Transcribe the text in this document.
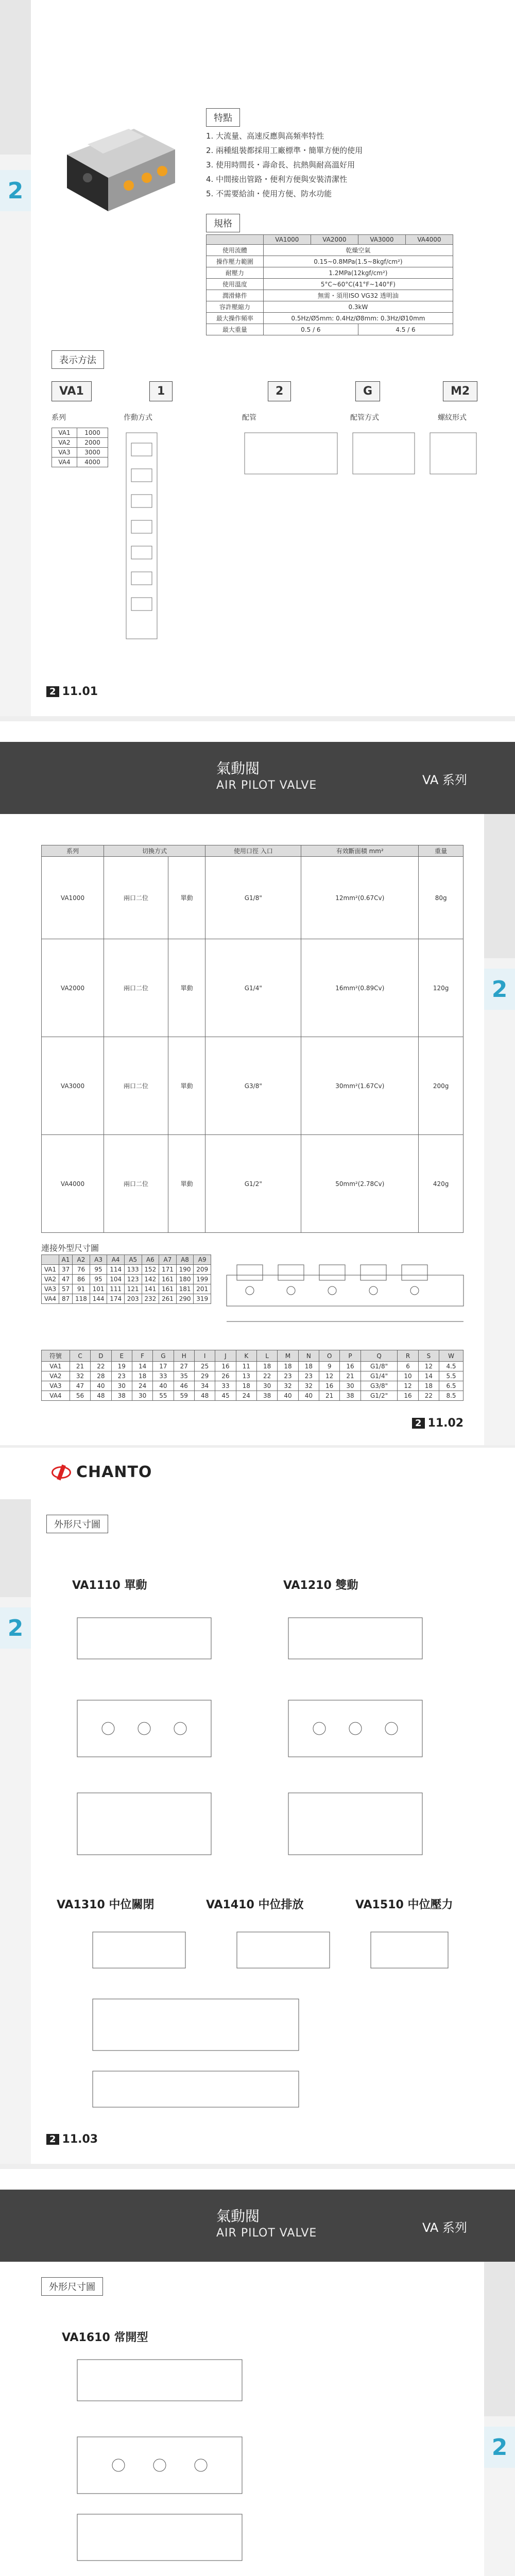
2
特點
1. 大流量、高速反應與高頻率特性
2. 兩種組裝都採用工廠標準・簡單方便的使用
3. 使用時間長・壽命長、抗熱與耐高溫好用
4. 中間接出管路・便利方便與安裝清潔性
5. 不需要給油・使用方便、防水功能
規格
	VA1000	VA2000	VA3000	VA4000
使用流體	乾燥空氣			
操作壓力範圍	0.15~0.8MPa(1.5~8kgf/cm²)			
耐壓力	1.2MPa(12kgf/cm²)			
使用溫度	5°C~60°C(41°F~140°F)			
潤滑條件	無需・須用ISO VG32 透明油			
容許壓縮力	0.3kW			
最大操作頻率	0.5Hz/Ø5mm: 0.4Hz/Ø8mm: 0.3Hz/Ø10mm			
最大重量	0.5 / 6		4.5 / 6	
表示方法
VA1	1	2	G	M2
系列	作動方式	配管	配管方式	螺紋形式
VA1	1000
VA2	2000
VA3	3000
VA4	4000
2 11.01
氣動閥
AIR PILOT VALVE	VA 系列
2
系列	切換方式		使用口徑 入口	有效斷面積 mm²	重量
VA1000	兩口二位	單動	G1/8"	12mm²(0.67Cv)	80g
VA2000	兩口二位	單動	G1/4"	16mm²(0.89Cv)	120g
VA3000	兩口二位	單動	G3/8"	30mm²(1.67Cv)	200g
VA4000	兩口二位	單動	G1/2"	50mm²(2.78Cv)	420g
連接外型尺寸圖
	A1	A2	A3	A4	A5	A6	A7	A8	A9
VA1	37	76	95	114	133	152	171	190	209
VA2	47	86	95	104	123	142	161	180	199
VA3	57	91	101	111	121	141	161	181	201
VA4	87	118	144	174	203	232	261	290	319
符號	C	D	E	F	G	H	I	J	K	L	M	N	O	P	Q	R	S	W
VA1	21	22	19	14	17	27	25	16	11	18	18	18	9	16	G1/8"	6	12	4.5
VA2	32	28	23	18	33	35	29	26	13	22	23	23	12	21	G1/4"	10	14	5.5
VA3	47	40	30	24	40	46	34	33	18	30	32	32	16	30	G3/8"	12	18	6.5
VA4	56	48	38	30	55	59	48	45	24	38	40	40	21	38	G1/2"	16	22	8.5
2 11.02
CHANTO
2
外形尺寸圖
VA1110 單動	VA1210 雙動
VA1310 中位關閉	VA1410 中位排放	VA1510 中位壓力
2 11.03
氣動閥
AIR PILOT VALVE	VA 系列
2
外形尺寸圖
VA1610 常開型
